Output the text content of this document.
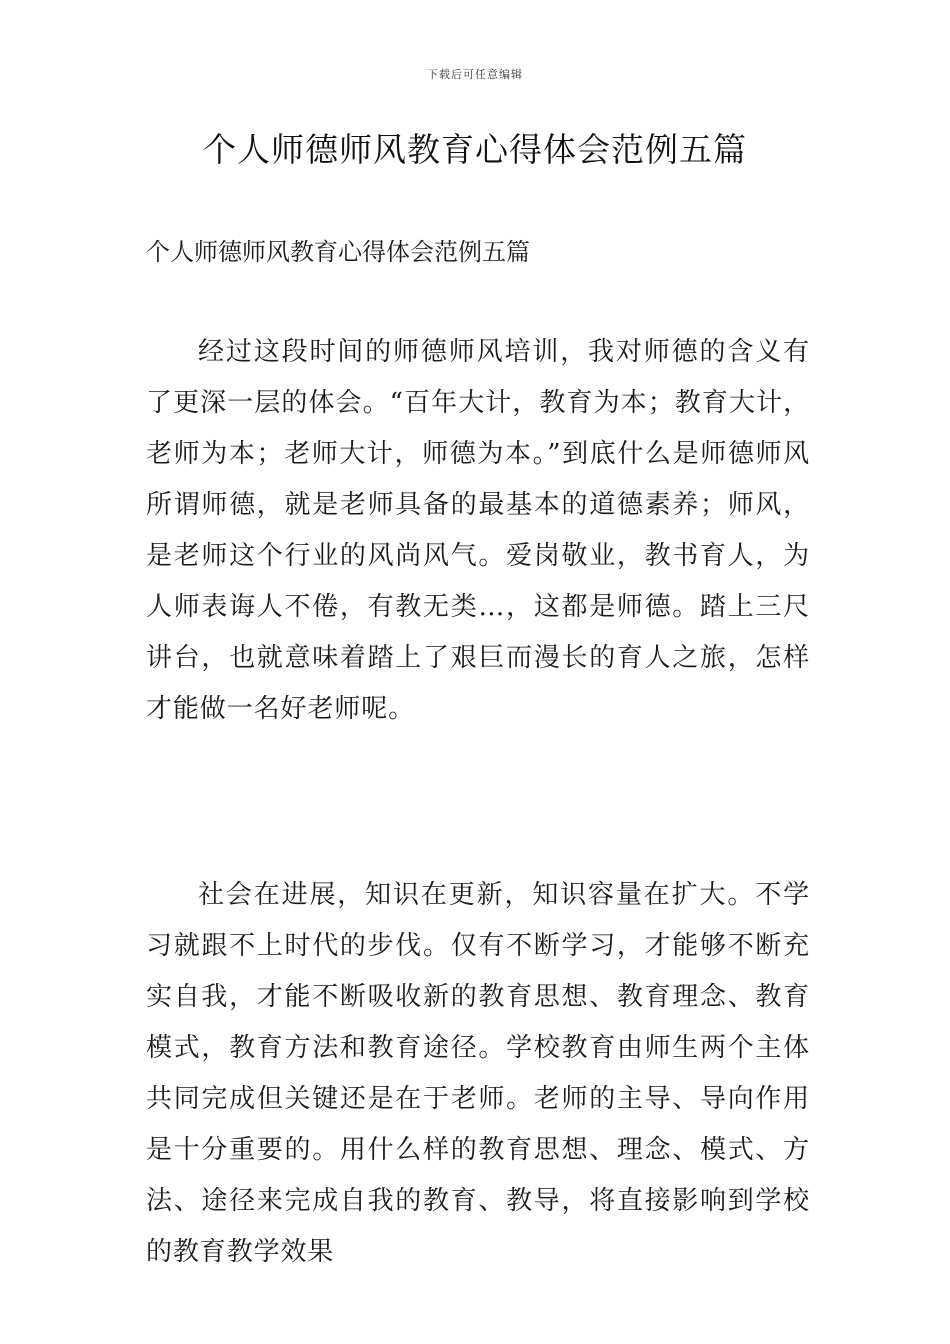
下载后可任意编辑
个人师德师风教育心得体会范例五篇

个人师德师风教育心得体会范例五篇

经过这段时间的师德师风培训，我对师德的含义有了更深一层的体会。“百年大计，教育为本；教育大计，老师为本；老师大计，师德为本。”到底什么是师德师风所谓师德，就是老师具备的最基本的道德素养；师风，是老师这个行业的风尚风气。爱岗敬业，教书育人，为人师表诲人不倦，有教无类…，这都是师德。踏上三尺讲台，也就意味着踏上了艰巨而漫长的育人之旅，怎样才能做一名好老师呢。

社会在进展，知识在更新，知识容量在扩大。不学习就跟不上时代的步伐。仅有不断学习，才能够不断充实自我，才能不断吸收新的教育思想、教育理念、教育模式，教育方法和教育途径。学校教育由师生两个主体共同完成但关键还是在于老师。老师的主导、导向作用是十分重要的。用什么样的教育思想、理念、模式、方法、途径来完成自我的教育、教导，将直接影响到学校的教育教学效果
